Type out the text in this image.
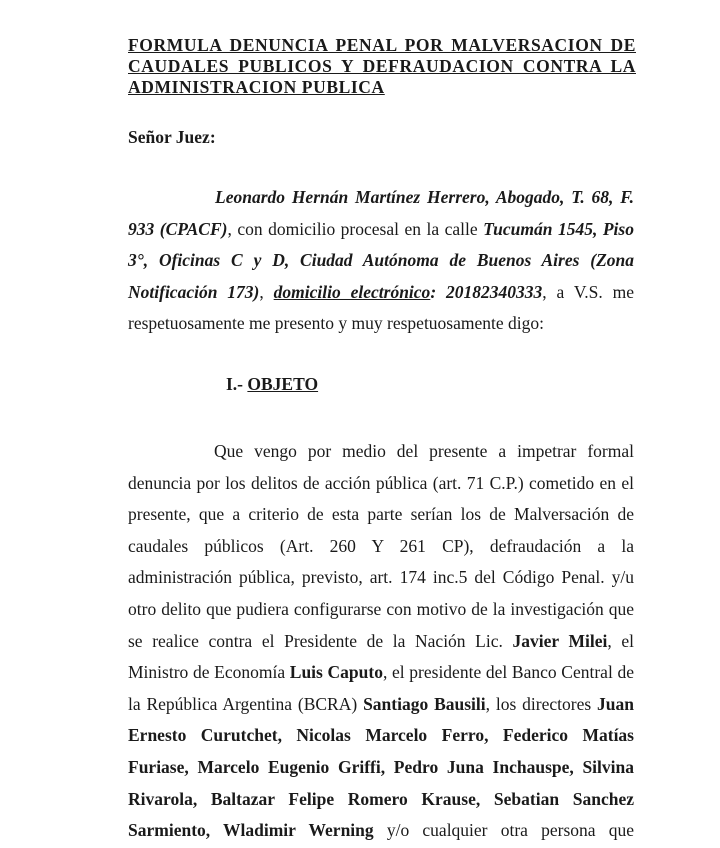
FORMULA DENUNCIA PENAL POR MALVERSACION DE
CAUDALES PUBLICOS Y DEFRAUDACION CONTRA LA
ADMINISTRACION PUBLICA
Señor Juez:
Leonardo Hernán Martínez Herrero, Abogado, T. 68, F.
933 (CPACF), con domicilio procesal en la calle Tucumán 1545, Piso
3°, Oficinas C y D, Ciudad Autónoma de Buenos Aires (Zona
Notificación 173), domicilio electrónico: 20182340333, a V.S. me
respetuosamente me presento y muy respetuosamente digo:
I.- OBJETO
Que vengo por medio del presente a impetrar formal
denuncia por los delitos de acción pública (art. 71 C.P.) cometido en el
presente, que a criterio de esta parte serían los de Malversación de
caudales públicos (Art. 260 Y 261 CP), defraudación a la
administración pública, previsto, art. 174 inc.5 del Código Penal. y/u
otro delito que pudiera configurarse con motivo de la investigación que
se realice contra el Presidente de la Nación Lic. Javier Milei, el
Ministro de Economía Luis Caputo, el presidente del Banco Central de
la República Argentina (BCRA) Santiago Bausili, los directores Juan
Ernesto Curutchet, Nicolas Marcelo Ferro, Federico Matías
Furiase, Marcelo Eugenio Griffi, Pedro Juna Inchauspe, Silvina
Rivarola, Baltazar Felipe Romero Krause, Sebatian Sanchez
Sarmiento, Wladimir Werning y/o cualquier otra persona que
